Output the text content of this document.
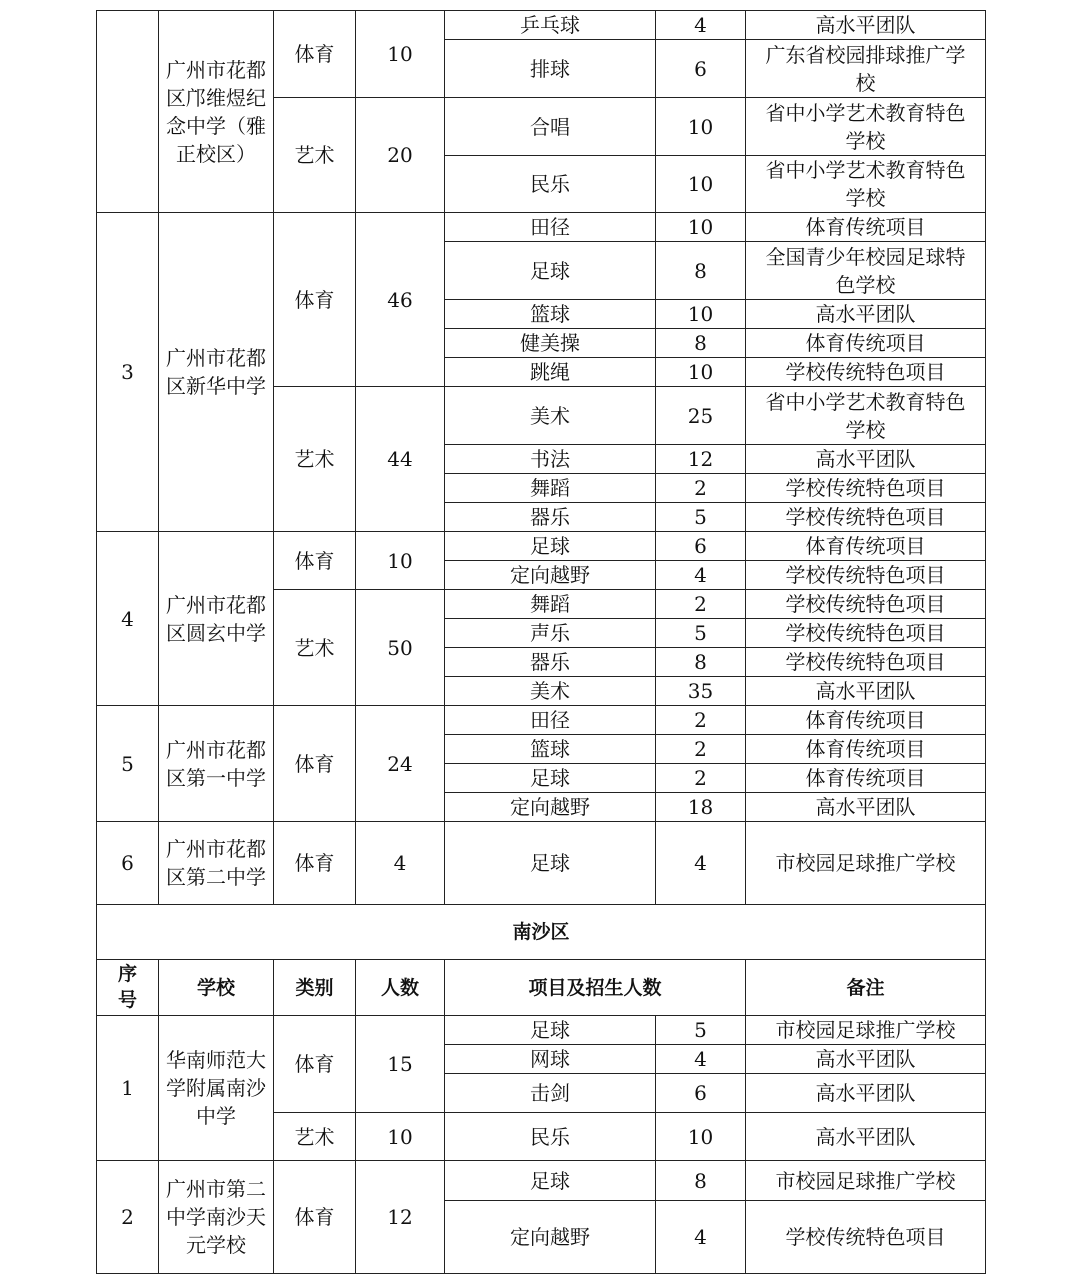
	广州市花都区邝维煜纪念中学（雅正校区）	体育	10	乒乓球	4	高水平团队
				排球	6	广东省校园排球推广学校
		艺术	20	合唱	10	省中小学艺术教育特色学校
				民乐	10	省中小学艺术教育特色学校
3	广州市花都区新华中学	体育	46	田径	10	体育传统项目
				足球	8	全国青少年校园足球特色学校
				篮球	10	高水平团队
				健美操	8	体育传统项目
				跳绳	10	学校传统特色项目
		艺术	44	美术	25	省中小学艺术教育特色学校
				书法	12	高水平团队
				舞蹈	2	学校传统特色项目
				器乐	5	学校传统特色项目
4	广州市花都区圆玄中学	体育	10	足球	6	体育传统项目
				定向越野	4	学校传统特色项目
		艺术	50	舞蹈	2	学校传统特色项目
				声乐	5	学校传统特色项目
				器乐	8	学校传统特色项目
				美术	35	高水平团队
5	广州市花都区第一中学	体育	24	田径	2	体育传统项目
				篮球	2	体育传统项目
				足球	2	体育传统项目
				定向越野	18	高水平团队
6	广州市花都区第二中学	体育	4	足球	4	市校园足球推广学校
南沙区						
序号	学校	类别	人数	项目及招生人数		备注
1	华南师范大学附属南沙中学	体育	15	足球	5	市校园足球推广学校
				网球	4	高水平团队
				击剑	6	高水平团队
		艺术	10	民乐	10	高水平团队
2	广州市第二中学南沙天元学校	体育	12	足球	8	市校园足球推广学校
				定向越野	4	学校传统特色项目
